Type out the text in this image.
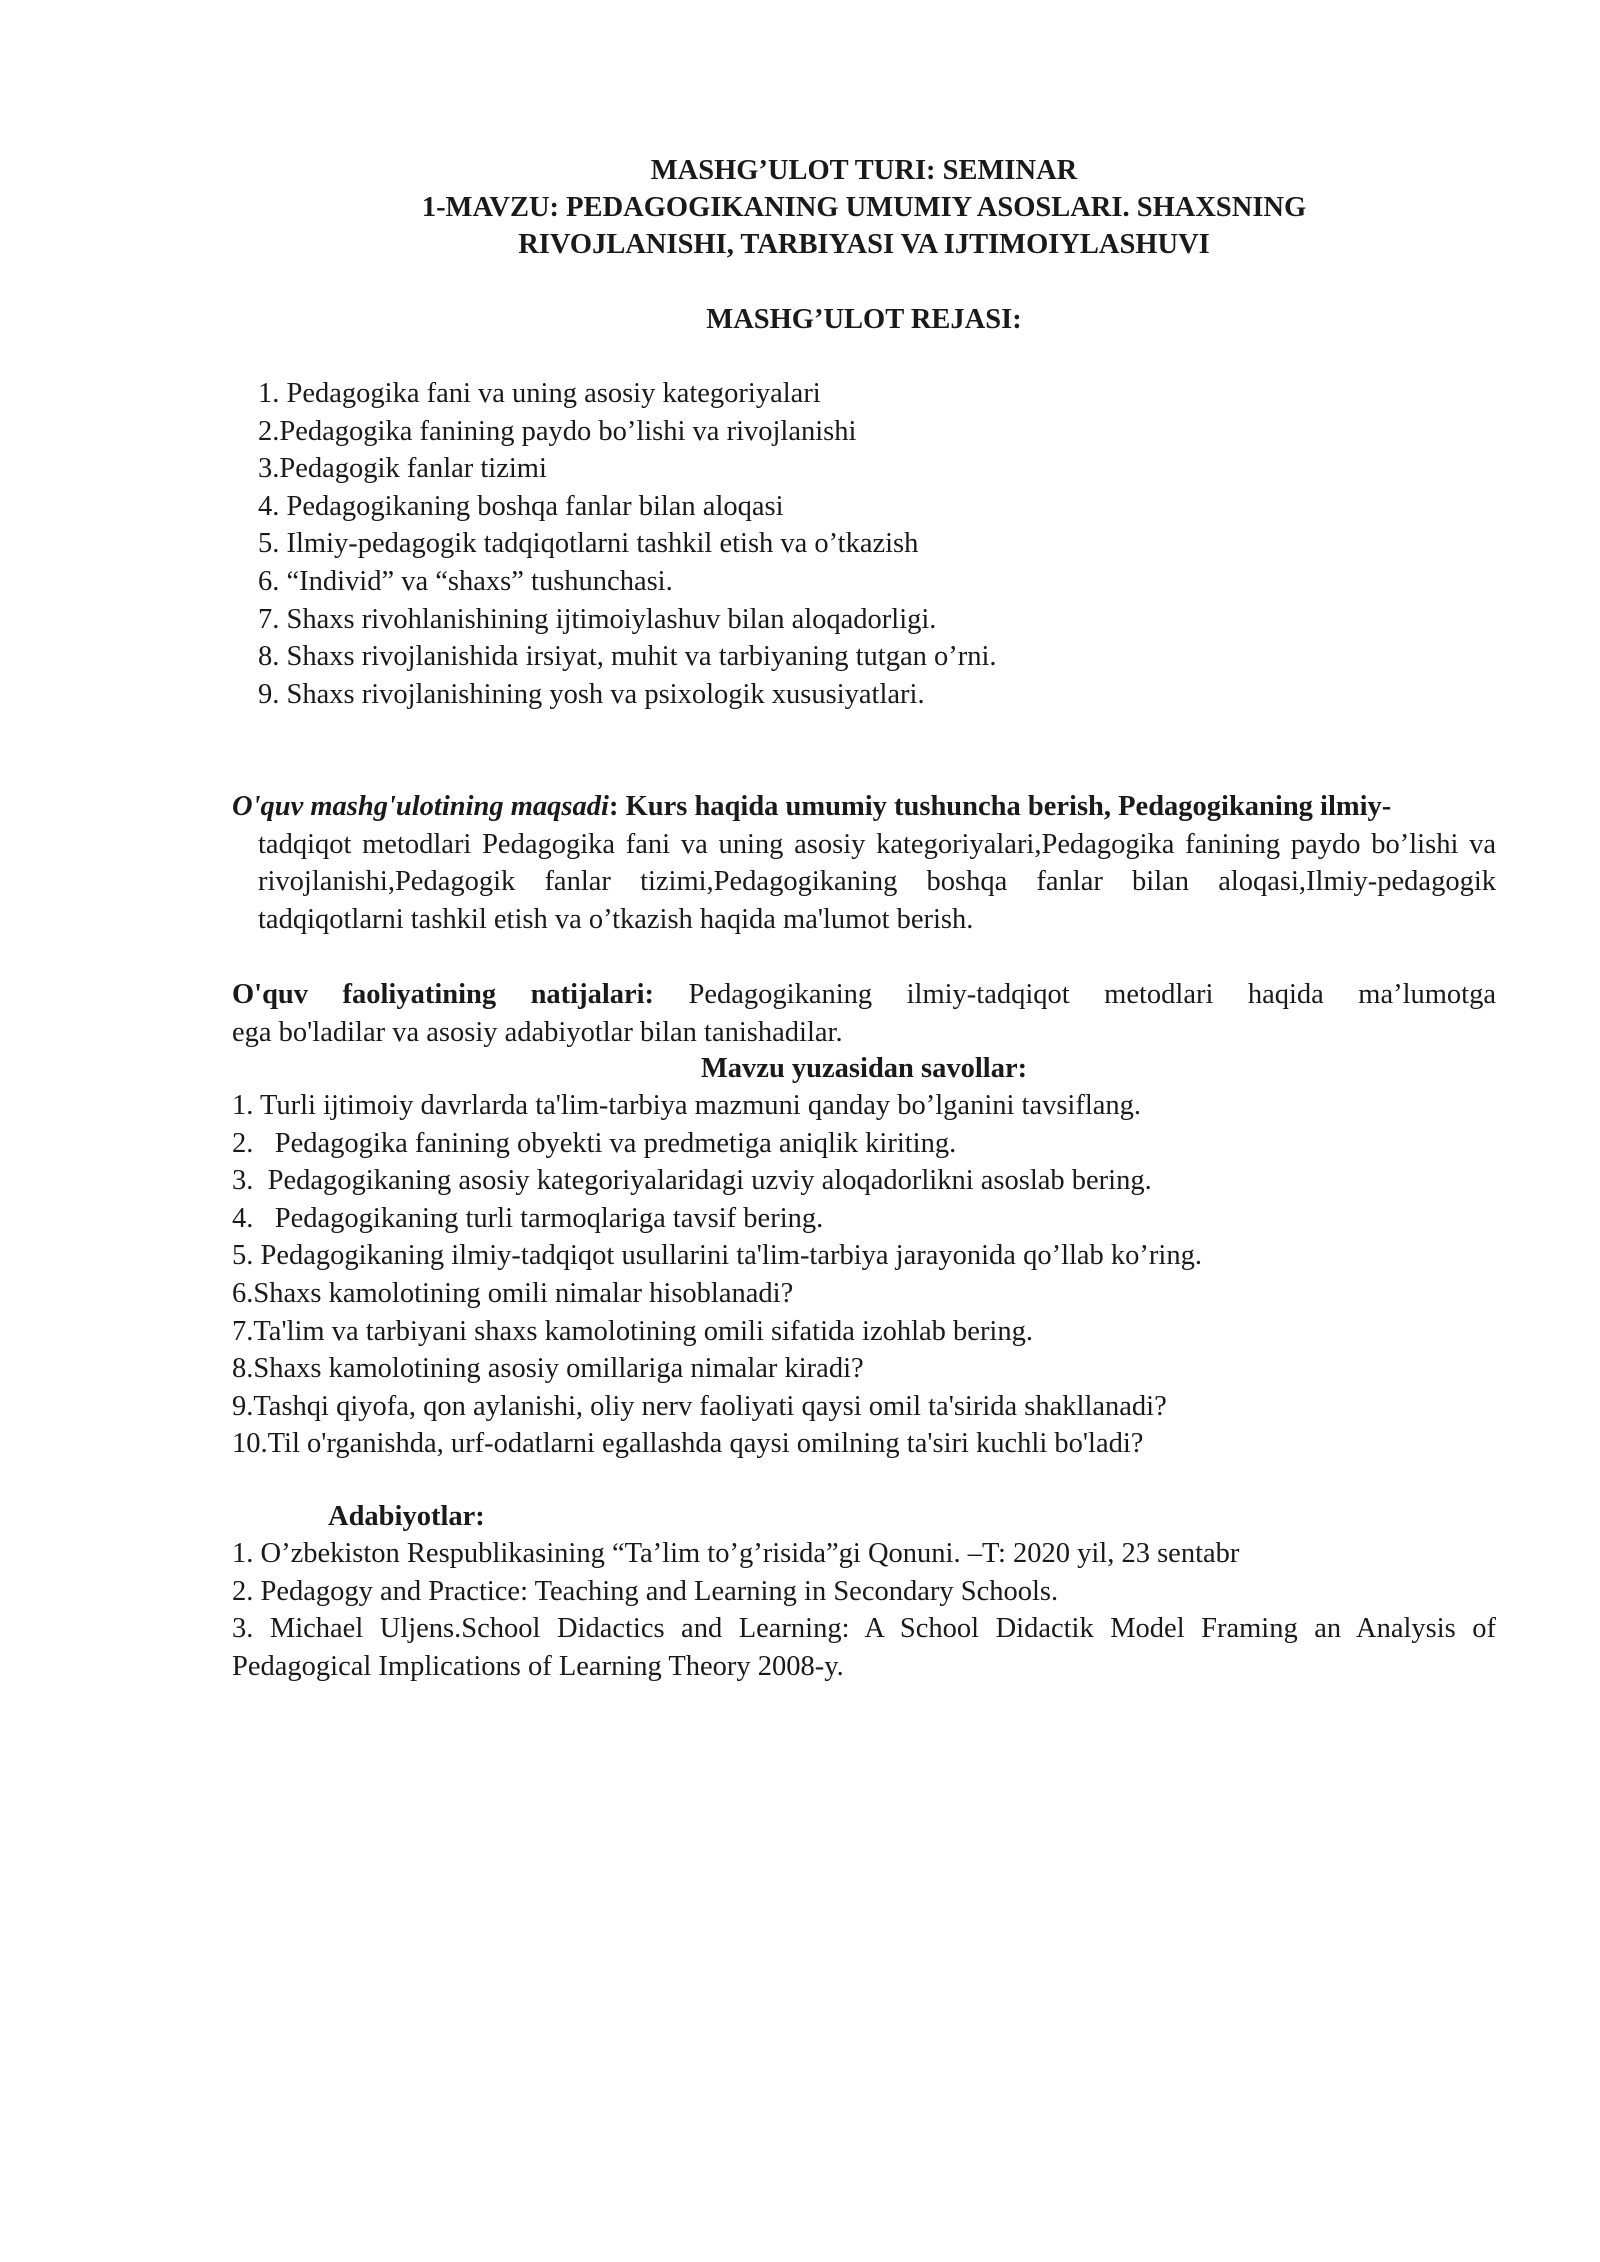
MASHG’ULOT TURI: SEMINAR
1-MAVZU: PEDAGOGIKANING UMUMIY ASOSLARI. SHAXSNING
RIVOJLANISHI, TARBIYASI VA IJTIMOIYLASHUVI
MASHG’ULOT REJASI:
1. Pedagogika fani va uning asosiy kategoriyalari
2.Pedagogika fanining paydo bo’lishi va rivojlanishi
3.Pedagogik fanlar tizimi
4. Pedagogikaning boshqa fanlar bilan aloqasi
5. Ilmiy-pedagogik tadqiqotlarni tashkil etish va o’tkazish
6. “Individ” va “shaxs” tushunchasi.
7. Shaxs rivohlanishining ijtimoiylashuv bilan aloqadorligi.
8. Shaxs rivojlanishida irsiyat, muhit va tarbiyaning tutgan o’rni.
9. Shaxs rivojlanishining yosh va psixologik xususiyatlari.
O'quv mashg'ulotining maqsadi: Kurs haqida umumiy tushuncha berish, Pedagogikaning ilmiy-
tadqiqot metodlari Pedagogika fani va uning asosiy kategoriyalari,Pedagogika fanining paydo bo’lishi va rivojlanishi,Pedagogik fanlar tizimi,Pedagogikaning boshqa fanlar bilan aloqasi,Ilmiy-pedagogik tadqiqotlarni tashkil etish va o’tkazish haqida ma'lumot berish.
O'quv faoliyatining natijalari: Pedagogikaning ilmiy-tadqiqot metodlari haqida ma’lumotga
ega bo'ladilar va asosiy adabiyotlar bilan tanishadilar.
Mavzu yuzasidan savollar:
1. Turli ijtimoiy davrlarda ta'lim-tarbiya mazmuni qanday bo’lganini tavsiflang.
2.   Pedagogika fanining obyekti va predmetiga aniqlik kiriting.
3.  Pedagogikaning asosiy kategoriyalaridagi uzviy aloqadorlikni asoslab bering.
4.   Pedagogikaning turli tarmoqlariga tavsif bering.
5. Pedagogikaning ilmiy-tadqiqot usullarini ta'lim-tarbiya jarayonida qo’llab ko’ring.
6.Shaxs kamolotining omili nimalar hisoblanadi?
7.Ta'lim va tarbiyani shaxs kamolotining omili sifatida izohlab bering.
8.Shaxs kamolotining asosiy omillariga nimalar kiradi?
9.Tashqi qiyofa, qon aylanishi, oliy nerv faoliyati qaysi omil ta'sirida shakllanadi?
10.Til o'rganishda, urf-odatlarni egallashda qaysi omilning ta'siri kuchli bo'ladi?
Adabiyotlar:
1. O’zbekiston Respublikasining “Ta’lim to’g’risida”gi Qonuni. –T: 2020 yil, 23 sentabr
2. Pedagogy and Practice: Teaching and Learning in Secondary Schools.
3. Michael Uljens.School Didactics and Learning: A School Didactik Model Framing an Analysis of Pedagogical Implications of Learning Theory 2008-y.
